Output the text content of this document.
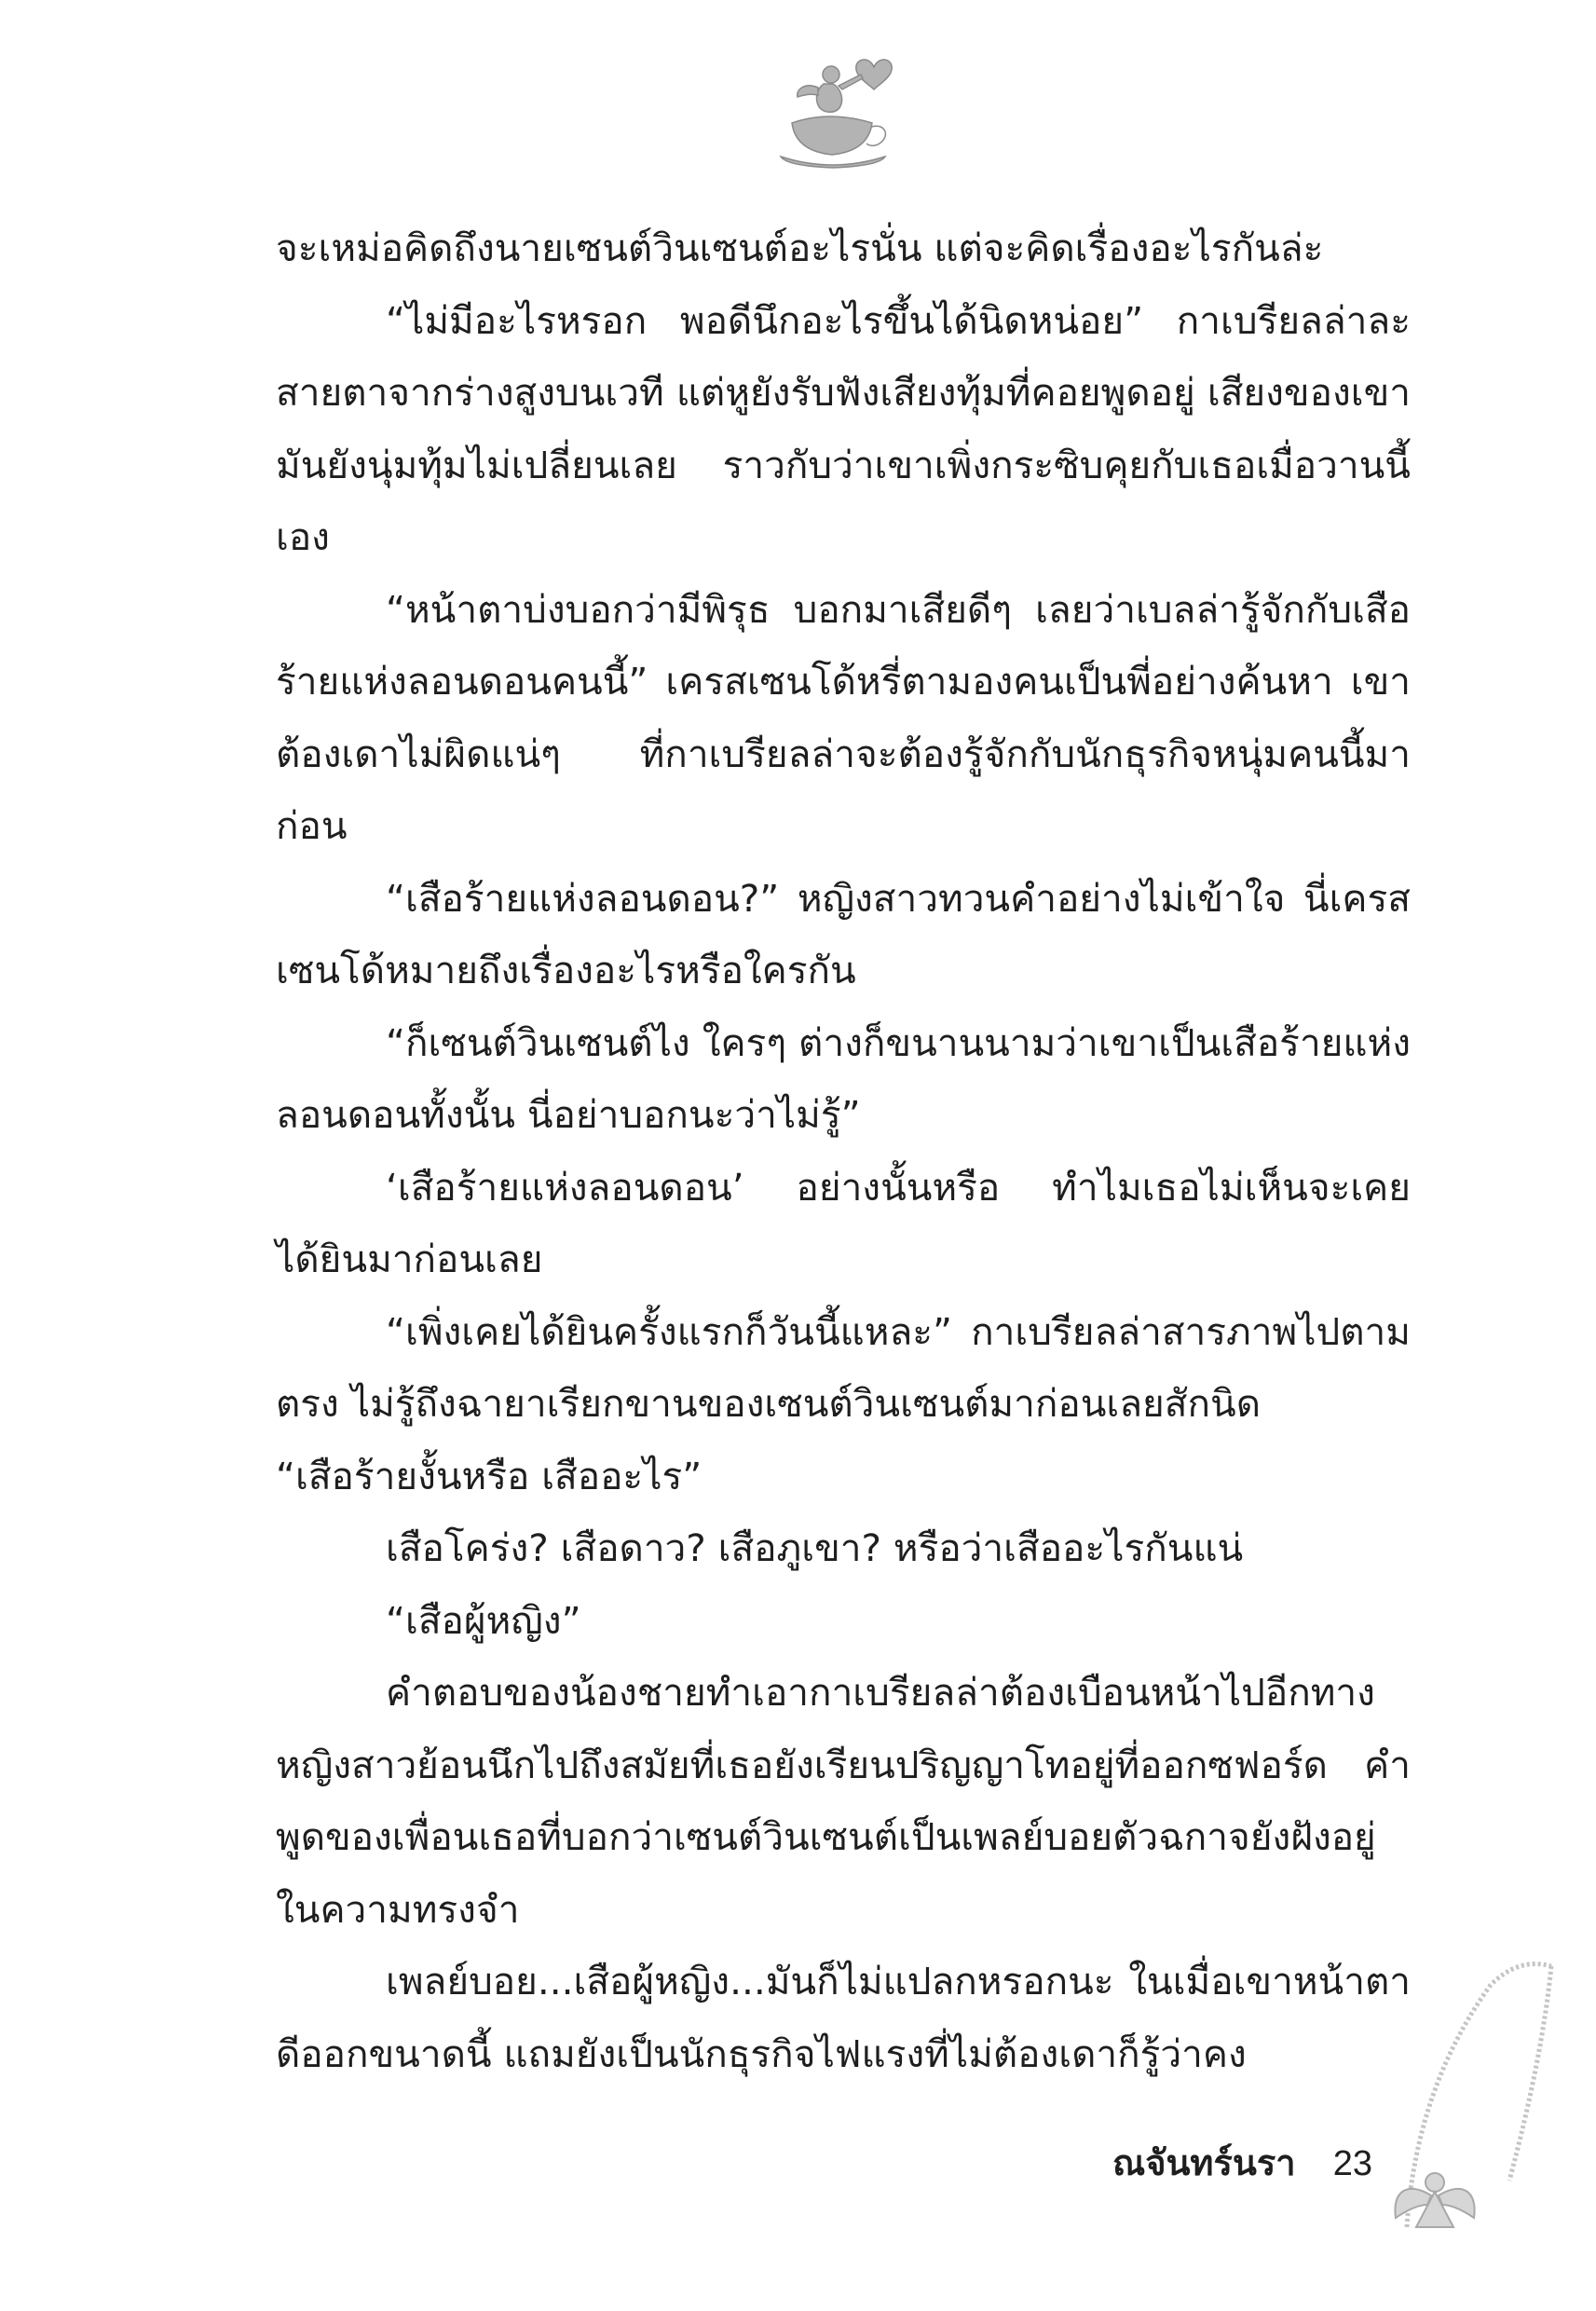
จะเหม่อคิดถึงนายเซนต์วินเซนต์อะไรนั่น แต่จะคิดเรื่องอะไรกันล่ะ

“ไม่มีอะไรหรอก พอดีนึกอะไรขึ้นได้นิดหน่อย” กาเบรียลล่าละสายตาจากร่างสูงบนเวที แต่หูยังรับฟังเสียงทุ้มที่คอยพูดอยู่ เสียงของเขามันยังนุ่มทุ้มไม่เปลี่ยนเลย ราวกับว่าเขาเพิ่งกระซิบคุยกับเธอเมื่อวานนี้เอง

“หน้าตาบ่งบอกว่ามีพิรุธ บอกมาเสียดีๆ เลยว่าเบลล่ารู้จักกับเสือร้ายแห่งลอนดอนคนนี้” เครสเซนโด้หรี่ตามองคนเป็นพี่อย่างค้นหา เขาต้องเดาไม่ผิดแน่ๆ ที่กาเบรียลล่าจะต้องรู้จักกับนักธุรกิจหนุ่มคนนี้มาก่อน

“เสือร้ายแห่งลอนดอน?” หญิงสาวทวนคำอย่างไม่เข้าใจ นี่เครสเซนโด้หมายถึงเรื่องอะไรหรือใครกัน

“ก็เซนต์วินเซนต์ไง ใครๆ ต่างก็ขนานนามว่าเขาเป็นเสือร้ายแห่งลอนดอนทั้งนั้น นี่อย่าบอกนะว่าไม่รู้”

‘เสือร้ายแห่งลอนดอน’ อย่างนั้นหรือ ทำไมเธอไม่เห็นจะเคยได้ยินมาก่อนเลย

“เพิ่งเคยได้ยินครั้งแรกก็วันนี้แหละ” กาเบรียลล่าสารภาพไปตามตรง ไม่รู้ถึงฉายาเรียกขานของเซนต์วินเซนต์มาก่อนเลยสักนิด

“เสือร้ายงั้นหรือ เสืออะไร”

เสือโคร่ง? เสือดาว? เสือภูเขา? หรือว่าเสืออะไรกันแน่

“เสือผู้หญิง”

คำตอบของน้องชายทำเอากาเบรียลล่าต้องเบือนหน้าไปอีกทาง หญิงสาวย้อนนึกไปถึงสมัยที่เธอยังเรียนปริญญาโทอยู่ที่ออกซฟอร์ด คำพูดของเพื่อนเธอที่บอกว่าเซนต์วินเซนต์เป็นเพลย์บอยตัวฉกาจยังฝังอยู่ในความทรงจำ

เพลย์บอย...เสือผู้หญิง...มันก็ไม่แปลกหรอกนะ ในเมื่อเขาหน้าตาดีออกขนาดนี้ แถมยังเป็นนักธุรกิจไฟแรงที่ไม่ต้องเดาก็รู้ว่าคง

ณจันทร์นรา 23
